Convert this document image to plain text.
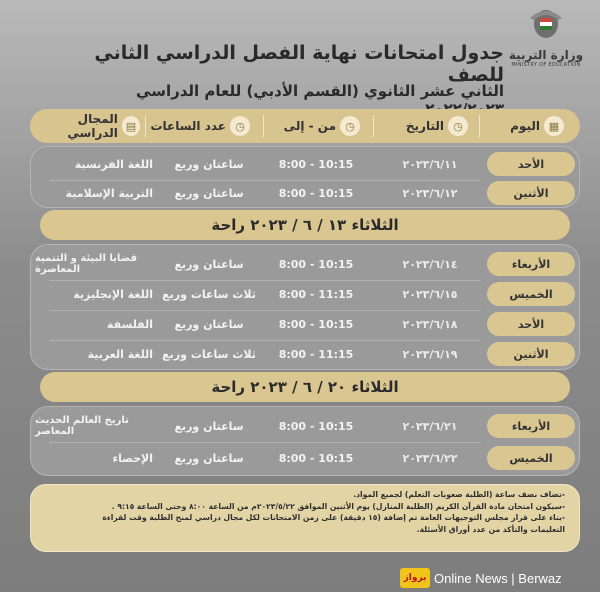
وزارة التربية
MINISTRY OF EDUCATION
جدول امتحانات نهاية الفصل الدراسي الثاني للصف
الثاني عشر الثانوي (القسم الأدبي) للعام الدراسي
▦
اليوم
◷
التاريخ
◷
من - إلى
◷
عدد الساعات
▤
المجال الدراسي
الأحد
٢٠٢٣/٦/١١
10:15 - 8:00
ساعتان وربع
اللغة الفرنسية
الأثنين
٢٠٢٣/٦/١٢
10:15 - 8:00
ساعتان وربع
التربية الإسلامية
الثلاثاء ١٣ / ٦ / ٢٠٢٣ راحة
الأربعاء
٢٠٢٣/٦/١٤
10:15 - 8:00
ساعتان وربع
قضايا البيئة و التنمية المعاصرة
الخميس
٢٠٢٣/٦/١٥
11:15 - 8:00
ثلاث ساعات وربع
اللغة الإنجليزية
الأحد
٢٠٢٣/٦/١٨
10:15 - 8:00
ساعتان وربع
الفلسفة
الأثنين
٢٠٢٣/٦/١٩
11:15 - 8:00
ثلاث ساعات وربع
اللغة العربية
الثلاثاء ٢٠ / ٦ / ٢٠٢٣ راحة
الأربعاء
٢٠٢٣/٦/٢١
10:15 - 8:00
ساعتان وربع
تاريخ العالم الحديث المعاصر
الخميس
٢٠٢٣/٦/٢٢
10:15 - 8:00
ساعتان وربع
الإحصاء
-تضاف نصف ساعة (الطلبة صعوبات التعلم) لجميع المواد.
-سيكون امتحان مادة القرآن الكريم (الطلبة المنازل) يوم الأثنين الموافق ٢٠٢٣/٥/٢٢م من الساعة ٨:٠٠ وحتى الساعة ٩:١٥ .
-بناء على قرار مجلس التوجيهات العامة تم إضافة (١٥ دقيقة) على زمن الامتحانات لكل مجال دراسي لمنح الطلبة وقت لقراءة
التعليمات والتأكد من عدد أوراق الأسئلة.
برواز Online News | Berwaz
